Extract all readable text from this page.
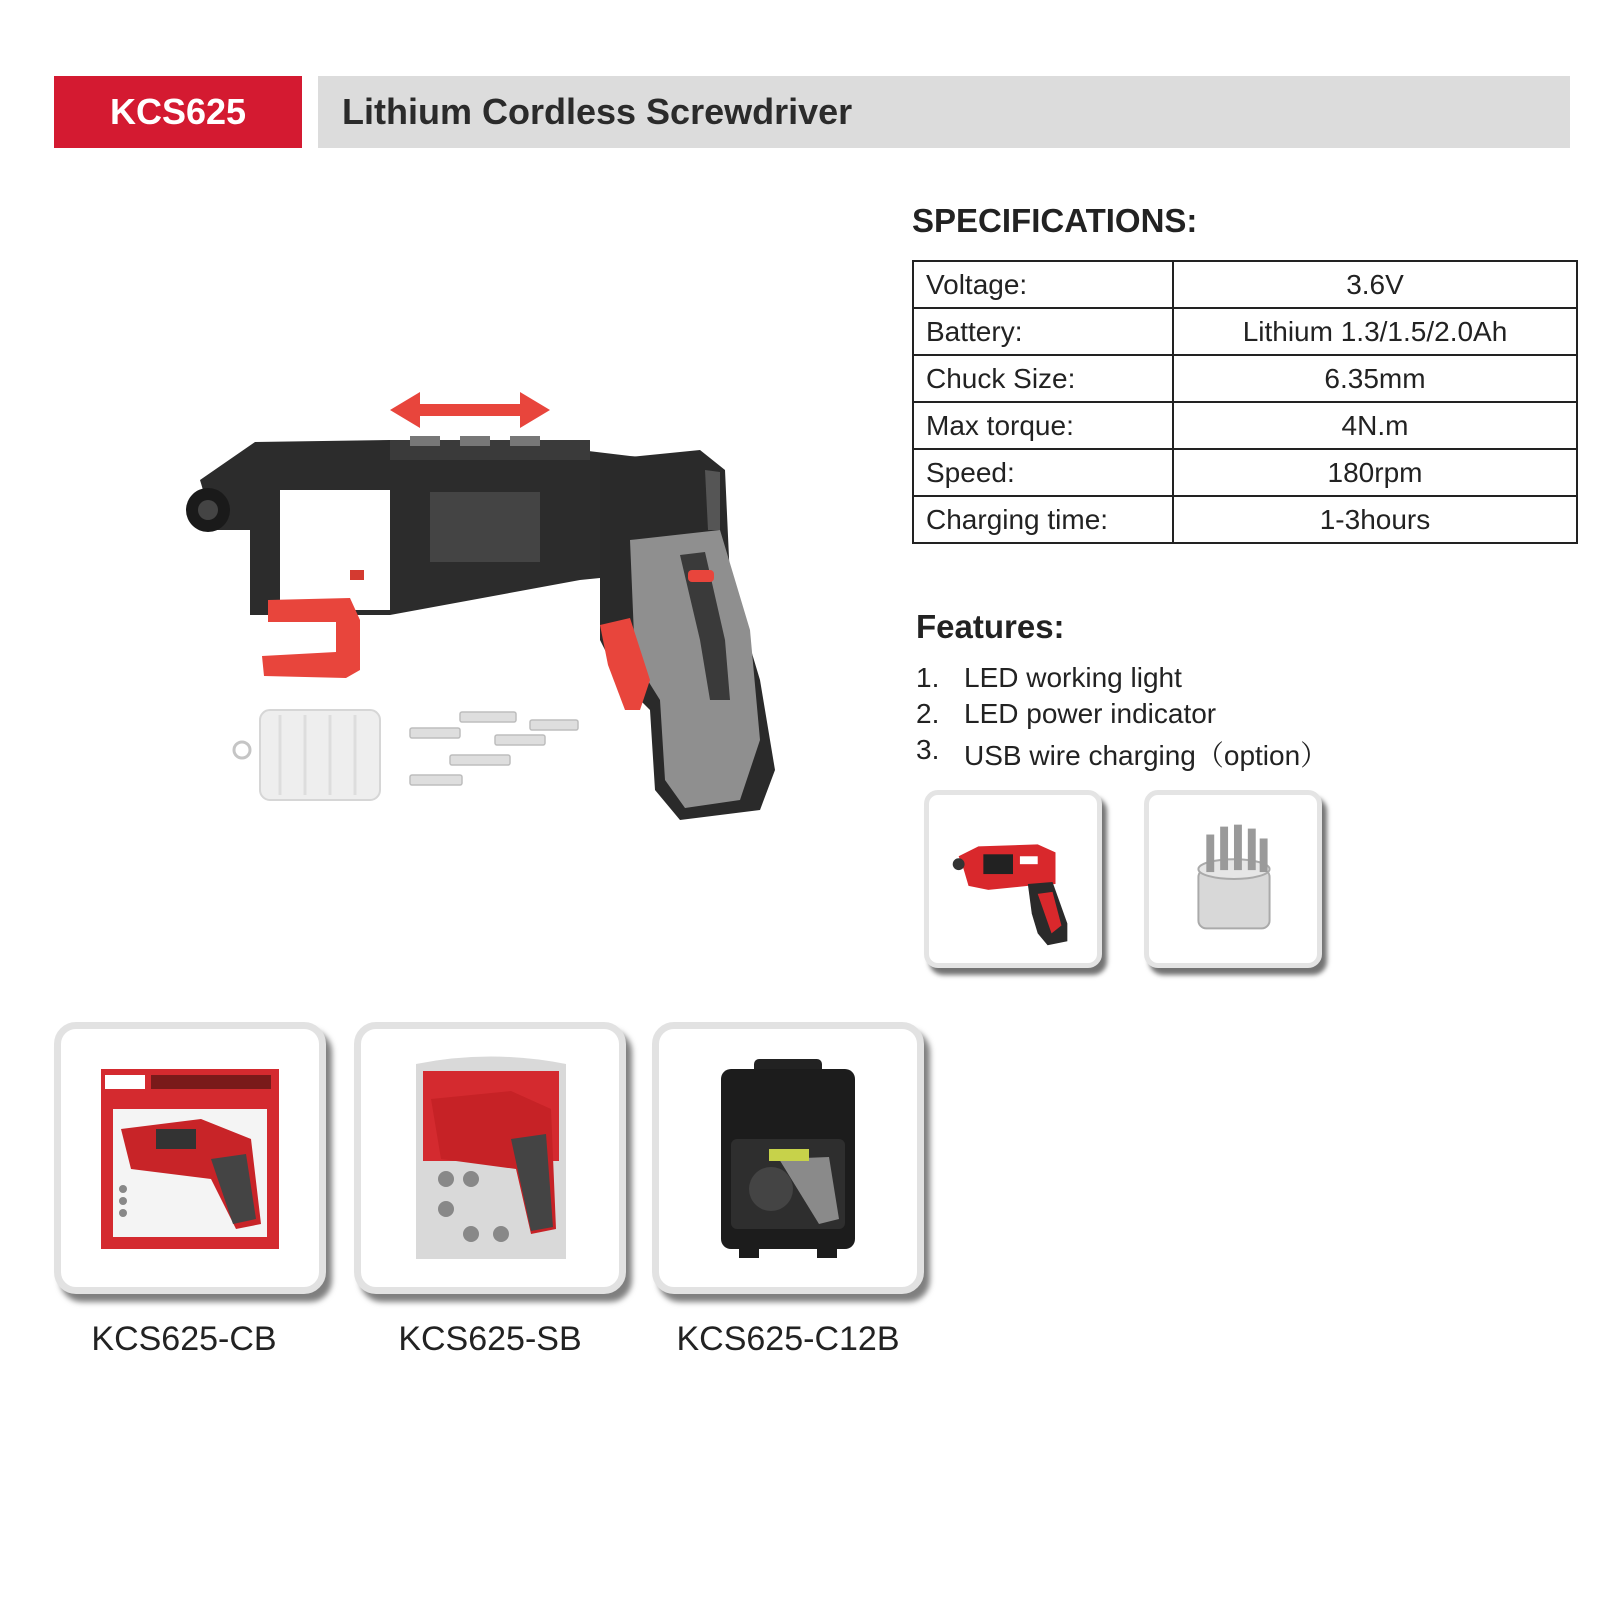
KCS625	Lithium Cordless Screwdriver
SPECIFICATIONS:
Voltage:	3.6V
Battery:	Lithium 1.3/1.5/2.0Ah
Chuck Size:	6.35mm
Max torque:	4N.m
Speed:	180rpm
Charging time:	1-3hours
Features:
1. LED working light
2. LED power indicator
3. USB wire charging（option）
KCS625-CB	KCS625-SB	KCS625-C12B
